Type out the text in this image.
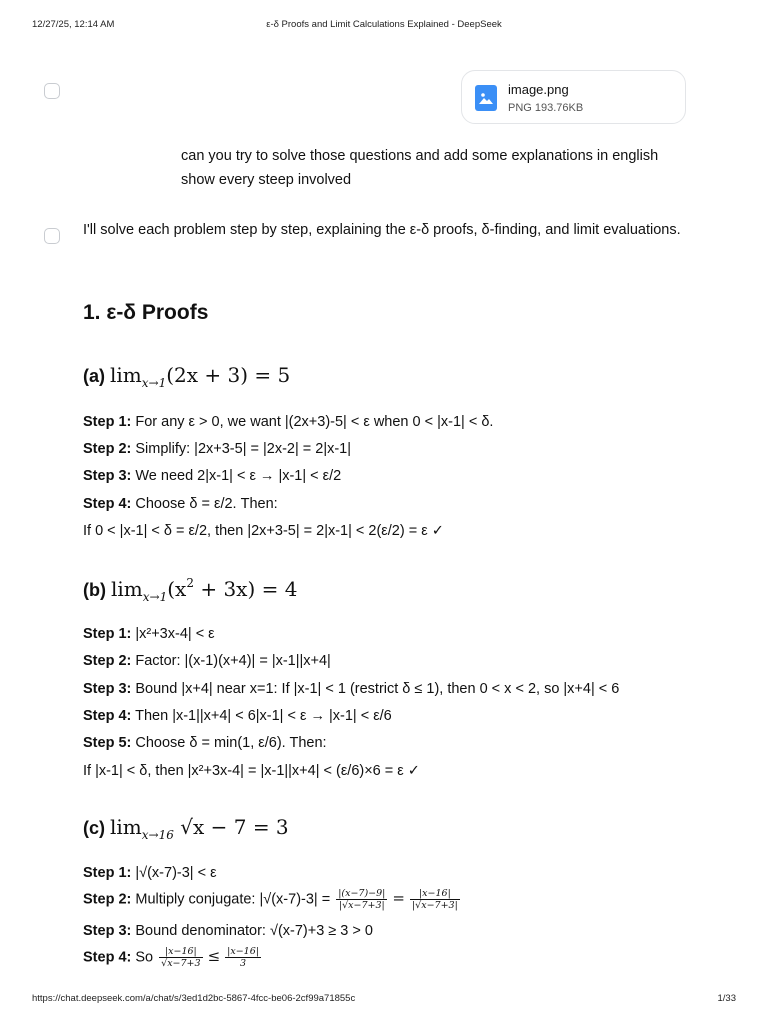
12/27/25, 12:14 AM	ε-δ Proofs and Limit Calculations Explained - DeepSeek
image.png
PNG 193.76KB
can you try to solve those questions and add some explanations in english show every steep involved
I'll solve each problem step by step, explaining the ε-δ proofs, δ-finding, and limit evaluations.
1. ε-δ Proofs
(a) $\lim_{x\to 1}(2x + 3) = 5$
Step 1: For any ε > 0, we want |(2x+3)-5| < ε when 0 < |x-1| < δ.
Step 2: Simplify: |2x+3-5| = |2x-2| = 2|x-1|
Step 3: We need 2|x-1| < ε → |x-1| < ε/2
Step 4: Choose δ = ε/2. Then:
If 0 < |x-1| < δ = ε/2, then |2x+3-5| = 2|x-1| < 2(ε/2) = ε ✓
(b) $\lim_{x\to 1}(x^2 + 3x) = 4$
Step 1: |x²+3x-4| < ε
Step 2: Factor: |(x-1)(x+4)| = |x-1||x+4|
Step 3: Bound |x+4| near x=1: If |x-1| < 1 (restrict δ ≤ 1), then 0 < x < 2, so |x+4| < 6
Step 4: Then |x-1||x+4| < 6|x-1| < ε → |x-1| < ε/6
Step 5: Choose δ = min(1, ε/6). Then:
If |x-1| < δ, then |x²+3x-4| = |x-1||x+4| < (ε/6)×6 = ε ✓
(c) $\lim_{x\to 16} √x - 7 = 3$
Step 1: |√(x-7)-3| < ε
Step 2: Multiply conjugate: $|√(x-7)-3| = \frac{|(x-7)-9|}{|√x-7+3|} = \frac{|x-16|}{|√x-7+3|}$
Step 3: Bound denominator: √(x-7)+3 ≥ 3 > 0
Step 4: So $\frac{|x-16|}{√x-7+3} \le \frac{|x-16|}{3}$
https://chat.deepseek.com/a/chat/s/3ed1d2bc-5867-4fcc-be06-2cf99a71855c	1/33
